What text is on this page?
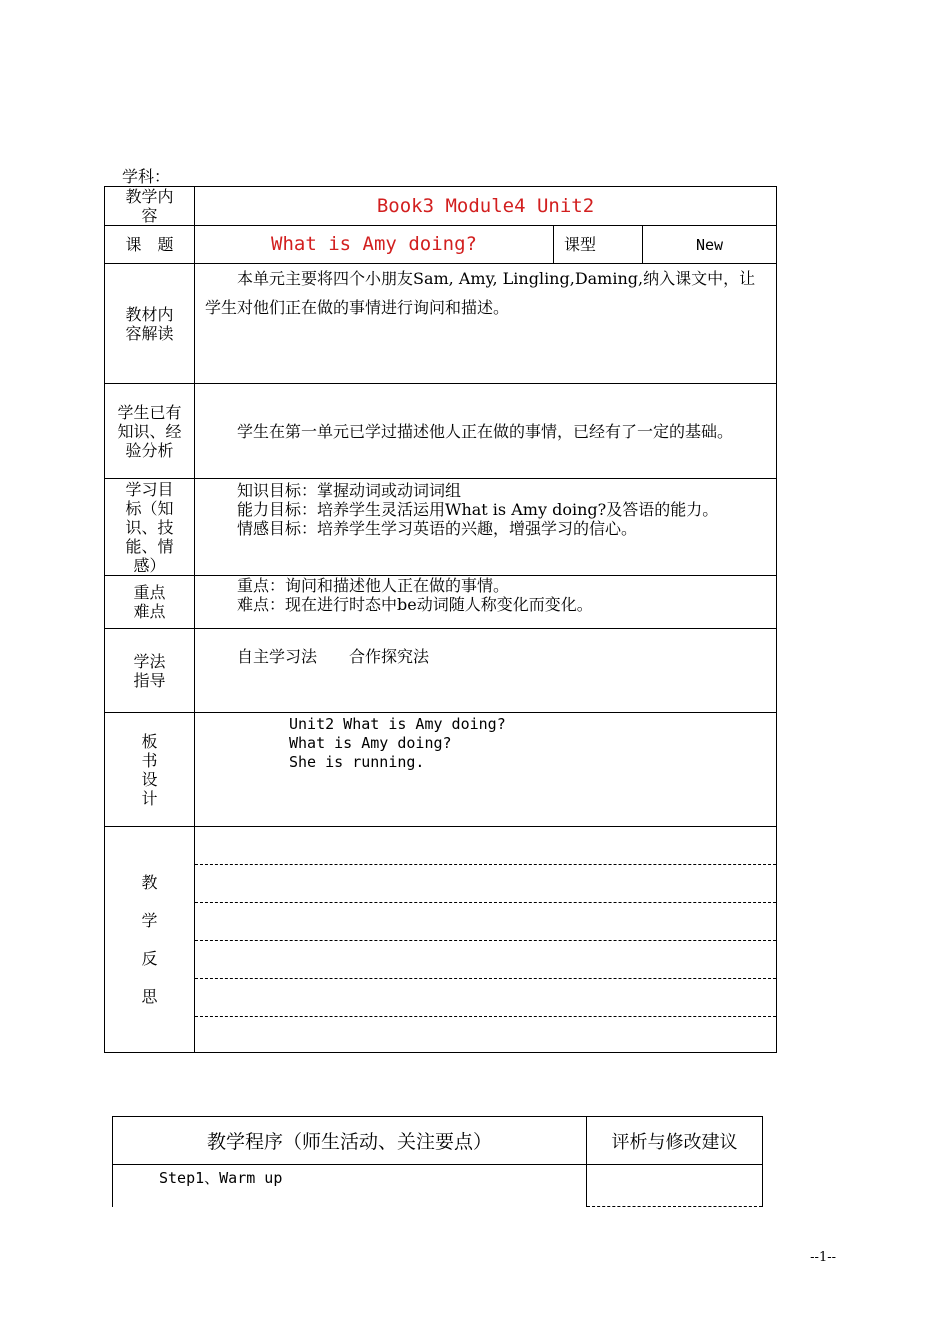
学科：
教学内容	Book3 Module4 Unit2		
课　题	What is Amy doing?	课型	New

教材内容解读	本单元主要将四个小朋友Sam, Amy, Lingling,Daming,纳入课文中，让学生对他们正在做的事情进行询问和描述。		

学生已有知识、经验分析	学生在第一单元已学过描述他人正在做的事情，已经有了一定的基础。		

学习目标（知识、技能、情感）	知识目标：掌握动词或动词词组
能力目标：培养学生灵活运用What is Amy doing?及答语的能力。
情感目标：培养学生学习英语的兴趣，增强学习的信心。		

重点难点	重点：询问和描述他人正在做的事情。
难点：现在进行时态中be动词随人称变化而变化。		

学法指导	自主学习法　　合作探究法		

板书设计	Unit2 What is Amy doing?
What is Amy doing?
She is running.		

教学反思			

教学程序（师生活动、关注要点）	评析与修改建议
Step1、Warm up	
--1--
